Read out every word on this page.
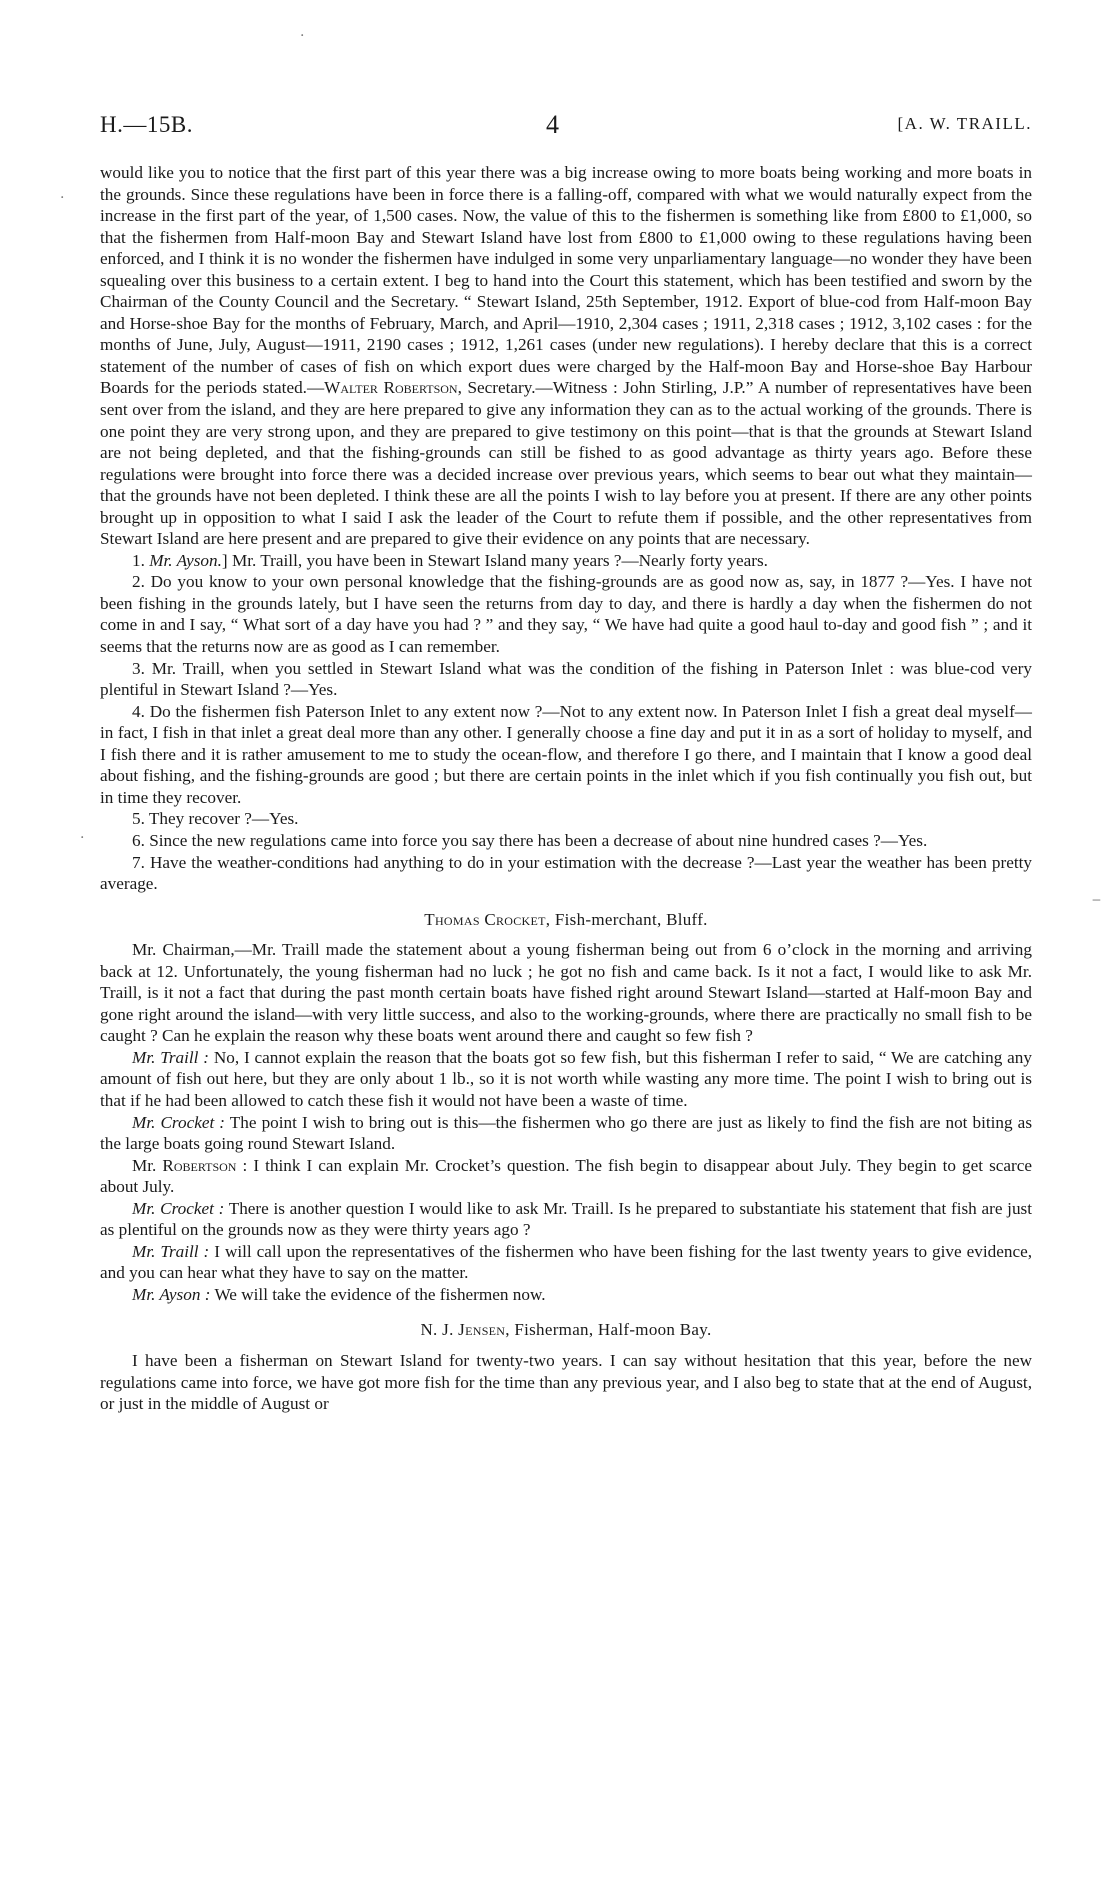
H.—15B.	4	[A. W. TRAILL.

would like you to notice that the first part of this year there was a big increase owing to more boats being working and more boats in the grounds. Since these regulations have been in force there is a falling-off, compared with what we would naturally expect from the increase in the first part of the year, of 1,500 cases. Now, the value of this to the fishermen is something like from £800 to £1,000, so that the fishermen from Half-moon Bay and Stewart Island have lost from £800 to £1,000 owing to these regulations having been enforced, and I think it is no wonder the fishermen have indulged in some very unparliamentary language—no wonder they have been squealing over this business to a certain extent. I beg to hand into the Court this statement, which has been testified and sworn by the Chairman of the County Council and the Secretary. “ Stewart Island, 25th September, 1912. Export of blue-cod from Half-moon Bay and Horse-shoe Bay for the months of February, March, and April—1910, 2,304 cases ; 1911, 2,318 cases ; 1912, 3,102 cases : for the months of June, July, August—1911, 2190 cases ; 1912, 1,261 cases (under new regulations). I hereby declare that this is a correct statement of the number of cases of fish on which export dues were charged by the Half-moon Bay and Horse-shoe Bay Harbour Boards for the periods stated.—Walter Robertson, Secretary.—Witness : John Stirling, J.P.” A number of representatives have been sent over from the island, and they are here prepared to give any information they can as to the actual working of the grounds. There is one point they are very strong upon, and they are prepared to give testimony on this point—that is that the grounds at Stewart Island are not being depleted, and that the fishing-grounds can still be fished to as good advantage as thirty years ago. Before these regulations were brought into force there was a decided increase over previous years, which seems to bear out what they maintain—that the grounds have not been depleted. I think these are all the points I wish to lay before you at present. If there are any other points brought up in opposition to what I said I ask the leader of the Court to refute them if possible, and the other representatives from Stewart Island are here present and are prepared to give their evidence on any points that are necessary.

1. Mr. Ayson.] Mr. Traill, you have been in Stewart Island many years ?—Nearly forty years.

2. Do you know to your own personal knowledge that the fishing-grounds are as good now as, say, in 1877 ?—Yes. I have not been fishing in the grounds lately, but I have seen the returns from day to day, and there is hardly a day when the fishermen do not come in and I say, “ What sort of a day have you had ? ” and they say, “ We have had quite a good haul to-day and good fish ” ; and it seems that the returns now are as good as I can remember.

3. Mr. Traill, when you settled in Stewart Island what was the condition of the fishing in Paterson Inlet : was blue-cod very plentiful in Stewart Island ?—Yes.

4. Do the fishermen fish Paterson Inlet to any extent now ?—Not to any extent now. In Paterson Inlet I fish a great deal myself—in fact, I fish in that inlet a great deal more than any other. I generally choose a fine day and put it in as a sort of holiday to myself, and I fish there and it is rather amusement to me to study the ocean-flow, and therefore I go there, and I maintain that I know a good deal about fishing, and the fishing-grounds are good ; but there are certain points in the inlet which if you fish continually you fish out, but in time they recover.

5. They recover ?—Yes.

6. Since the new regulations came into force you say there has been a decrease of about nine hundred cases ?—Yes.

7. Have the weather-conditions had anything to do in your estimation with the decrease ?—Last year the weather has been pretty average.

Thomas Crocket, Fish-merchant, Bluff.

Mr. Chairman,—Mr. Traill made the statement about a young fisherman being out from 6 o’clock in the morning and arriving back at 12. Unfortunately, the young fisherman had no luck ; he got no fish and came back. Is it not a fact, I would like to ask Mr. Traill, is it not a fact that during the past month certain boats have fished right around Stewart Island—started at Half-moon Bay and gone right around the island—with very little success, and also to the working-grounds, where there are practically no small fish to be caught ? Can he explain the reason why these boats went around there and caught so few fish ?

Mr. Traill : No, I cannot explain the reason that the boats got so few fish, but this fisherman I refer to said, “ We are catching any amount of fish out here, but they are only about 1 lb., so it is not worth while wasting any more time. The point I wish to bring out is that if he had been allowed to catch these fish it would not have been a waste of time.

Mr. Crocket : The point I wish to bring out is this—the fishermen who go there are just as likely to find the fish are not biting as the large boats going round Stewart Island.

Mr. Robertson : I think I can explain Mr. Crocket’s question. The fish begin to disappear about July. They begin to get scarce about July.

Mr. Crocket : There is another question I would like to ask Mr. Traill. Is he prepared to substantiate his statement that fish are just as plentiful on the grounds now as they were thirty years ago ?

Mr. Traill : I will call upon the representatives of the fishermen who have been fishing for the last twenty years to give evidence, and you can hear what they have to say on the matter.

Mr. Ayson : We will take the evidence of the fishermen now.

N. J. Jensen, Fisherman, Half-moon Bay.

I have been a fisherman on Stewart Island for twenty-two years. I can say without hesitation that this year, before the new regulations came into force, we have got more fish for the time than any previous year, and I also beg to state that at the end of August, or just in the middle of August or

·
·
‒
·
